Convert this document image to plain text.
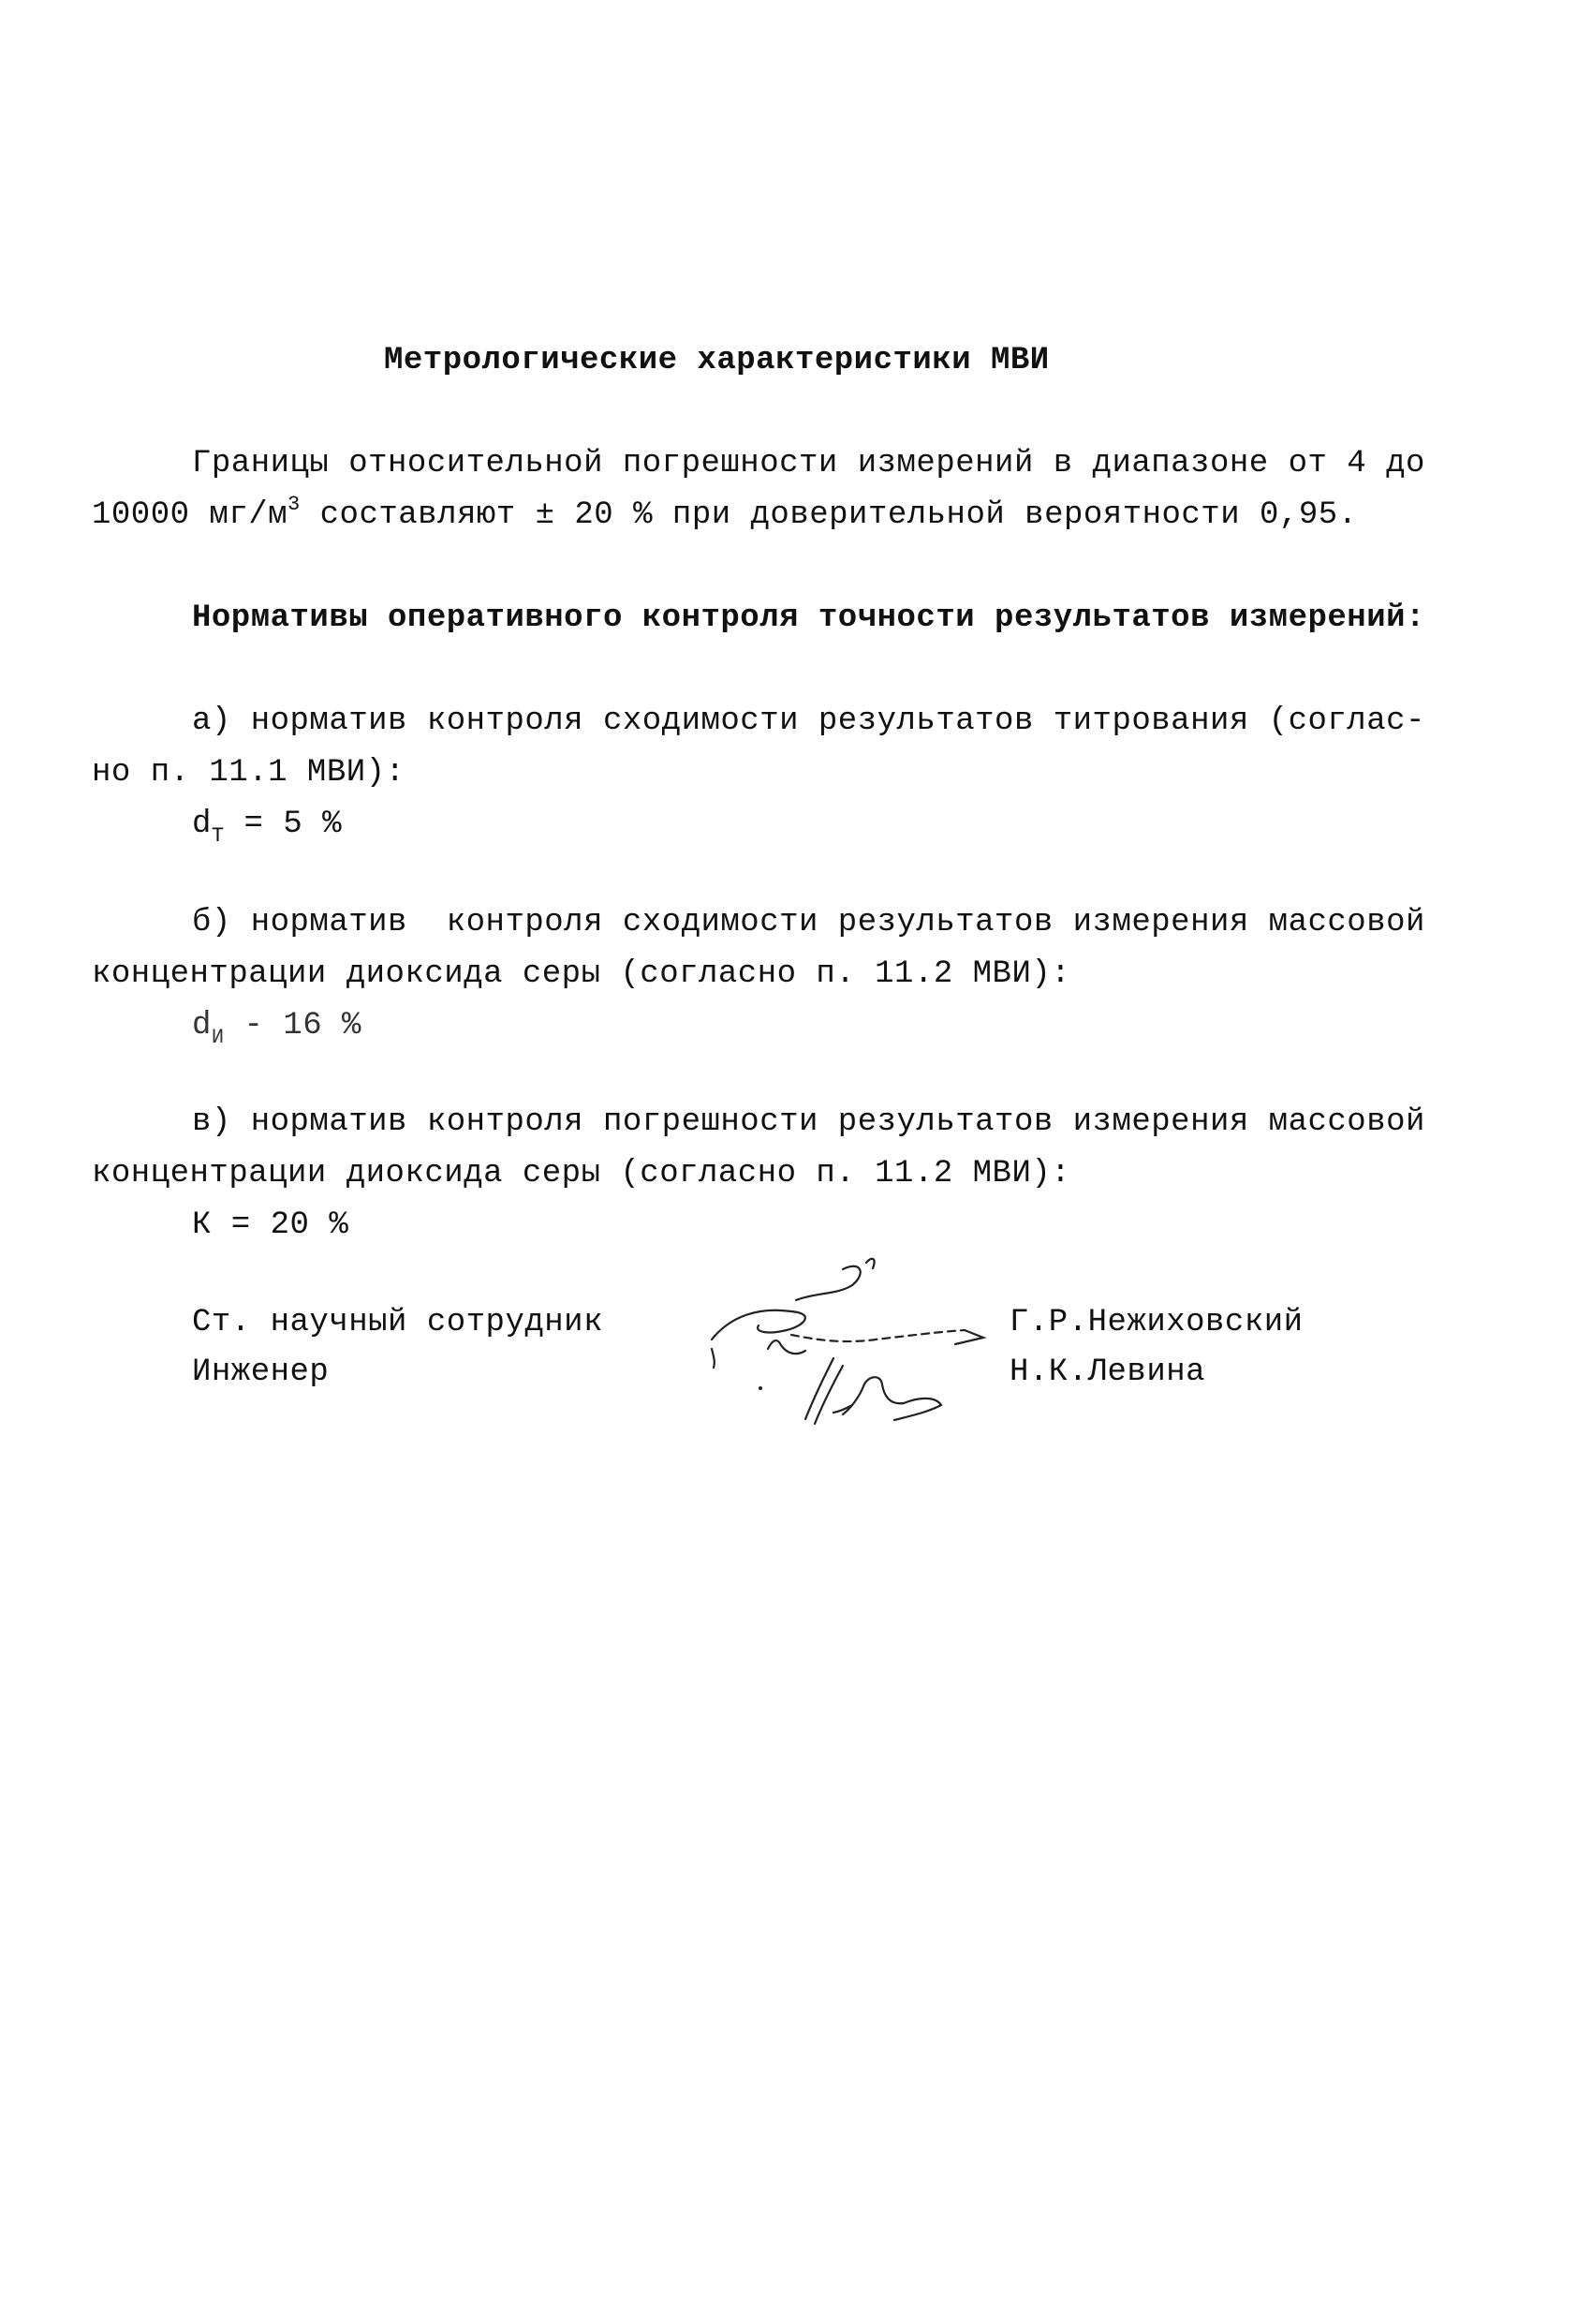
Метрологические характеристики МВИ
Границы относительной погрешности измерений в диапазоне от 4 до
10000 $мг/м^3$ составляют ± 20 % при доверительной вероятности 0,95.
Нормативы оперативного контроля точности результатов измерений:
а) норматив контроля сходимости результатов титрования (соглас-
но п. 11.1 МВИ):
$d_Т = 5$ %
б) норматив  контроля сходимости результатов измерения массовой
концентрации диоксида серы (согласно п. 11.2 МВИ):
$d_И - 16$ %
в) норматив контроля погрешности результатов измерения массовой
концентрации диоксида серы (согласно п. 11.2 МВИ):
К = 20 %
Ст. научный сотрудник	Г.Р.Нежиховский
Инженер	Н.К.Левина
